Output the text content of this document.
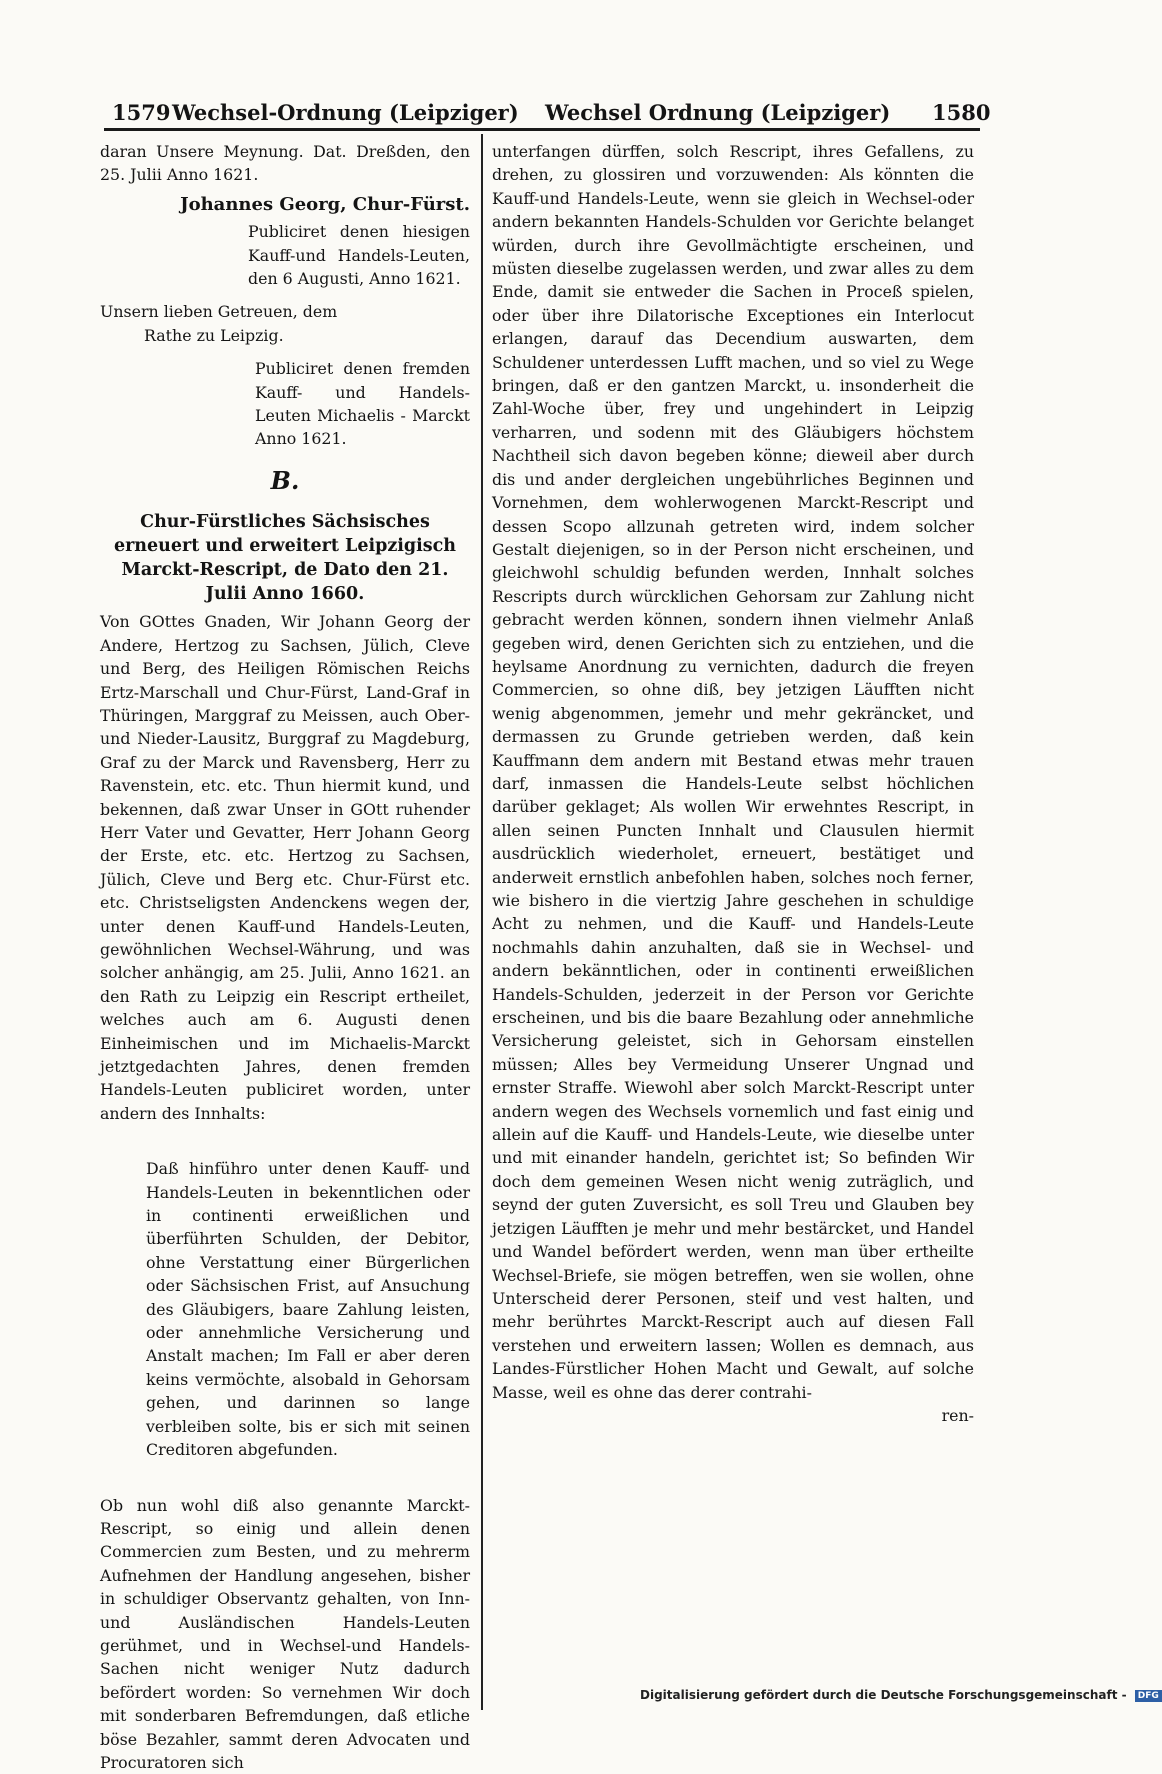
1579 Wechsel-Ordnung (Leipziger) Wechsel Ordnung (Leipziger) 1580

daran Unsere Meynung. Dat. Dreßden, den 25. Julii Anno 1621.

Johannes Georg, Chur-Fürst.

Publiciret denen hiesigen Kauff-und Handels-Leuten, den 6 Augusti, Anno 1621.

Unsern lieben Getreuen, dem
Rathe zu Leipzig.

Publiciret denen fremden Kauff- und Handels-Leuten Michaelis - Marckt Anno 1621.

B.

Chur-Fürstliches Sächsisches erneuert und erweitert Leipzigisch Marckt-Rescript, de Dato den 21. Julii Anno 1660.

Von GOttes Gnaden, Wir Johann Georg der Andere, Hertzog zu Sachsen, Jülich, Cleve und Berg, des Heiligen Römischen Reichs Ertz-Marschall und Chur-Fürst, Land-Graf in Thüringen, Marggraf zu Meissen, auch Ober- und Nieder-Lausitz, Burggraf zu Magdeburg, Graf zu der Marck und Ravensberg, Herr zu Ravenstein, etc. etc. Thun hiermit kund, und bekennen, daß zwar Unser in GOtt ruhender Herr Vater und Gevatter, Herr Johann Georg der Erste, etc. etc. Hertzog zu Sachsen, Jülich, Cleve und Berg etc. Chur-Fürst etc. etc. Christseligsten Andenckens wegen der, unter denen Kauff-und Handels-Leuten, gewöhnlichen Wechsel-Währung, und was solcher anhängig, am 25. Julii, Anno 1621. an den Rath zu Leipzig ein Rescript ertheilet, welches auch am 6. Augusti denen Einheimischen und im Michaelis-Marckt jetztgedachten Jahres, denen fremden Handels-Leuten publiciret worden, unter andern des Innhalts:

Daß hinführo unter denen Kauff- und Handels-Leuten in bekenntlichen oder in continenti erweißlichen und überführten Schulden, der Debitor, ohne Verstattung einer Bürgerlichen oder Sächsischen Frist, auf Ansuchung des Gläubigers, baare Zahlung leisten, oder annehmliche Versicherung und Anstalt machen; Im Fall er aber deren keins vermöchte, alsobald in Gehorsam gehen, und darinnen so lange verbleiben solte, bis er sich mit seinen Creditoren abgefunden.

Ob nun wohl diß also genannte Marckt-Rescript, so einig und allein denen Commercien zum Besten, und zu mehrerm Aufnehmen der Handlung angesehen, bisher in schuldiger Observantz gehalten, von Inn-und Ausländischen Handels-Leuten gerühmet, und in Wechsel-und Handels-Sachen nicht weniger Nutz dadurch befördert worden: So vernehmen Wir doch mit sonderbaren Befremdungen, daß etliche böse Bezahler, sammt deren Advocaten und Procuratoren sich

unterfangen dürffen, solch Rescript, ihres Gefallens, zu drehen, zu glossiren und vorzuwenden: Als könnten die Kauff-und Handels-Leute, wenn sie gleich in Wechsel-oder andern bekannten Handels-Schulden vor Gerichte belanget würden, durch ihre Gevollmächtigte erscheinen, und müsten dieselbe zugelassen werden, und zwar alles zu dem Ende, damit sie entweder die Sachen in Proceß spielen, oder über ihre Dilatorische Exceptiones ein Interlocut erlangen, darauf das Decendium auswarten, dem Schuldener unterdessen Lufft machen, und so viel zu Wege bringen, daß er den gantzen Marckt, u. insonderheit die Zahl-Woche über, frey und ungehindert in Leipzig verharren, und sodenn mit des Gläubigers höchstem Nachtheil sich davon begeben könne; dieweil aber durch dis und ander dergleichen ungebührliches Beginnen und Vornehmen, dem wohlerwogenen Marckt-Rescript und dessen Scopo allzunah getreten wird, indem solcher Gestalt diejenigen, so in der Person nicht erscheinen, und gleichwohl schuldig befunden werden, Innhalt solches Rescripts durch würcklichen Gehorsam zur Zahlung nicht gebracht werden können, sondern ihnen vielmehr Anlaß gegeben wird, denen Gerichten sich zu entziehen, und die heylsame Anordnung zu vernichten, dadurch die freyen Commercien, so ohne diß, bey jetzigen Läufften nicht wenig abgenommen, jemehr und mehr gekräncket, und dermassen zu Grunde getrieben werden, daß kein Kauffmann dem andern mit Bestand etwas mehr trauen darf, inmassen die Handels-Leute selbst höchlichen darüber geklaget; Als wollen Wir erwehntes Rescript, in allen seinen Puncten Innhalt und Clausulen hiermit ausdrücklich wiederholet, erneuert, bestätiget und anderweit ernstlich anbefohlen haben, solches noch ferner, wie bishero in die viertzig Jahre geschehen in schuldige Acht zu nehmen, und die Kauff- und Handels-Leute nochmahls dahin anzuhalten, daß sie in Wechsel- und andern bekänntlichen, oder in continenti erweißlichen Handels-Schulden, jederzeit in der Person vor Gerichte erscheinen, und bis die baare Bezahlung oder annehmliche Versicherung geleistet, sich in Gehorsam einstellen müssen; Alles bey Vermeidung Unserer Ungnad und ernster Straffe. Wiewohl aber solch Marckt-Rescript unter andern wegen des Wechsels vornemlich und fast einig und allein auf die Kauff- und Handels-Leute, wie dieselbe unter und mit einander handeln, gerichtet ist; So befinden Wir doch dem gemeinen Wesen nicht wenig zuträglich, und seynd der guten Zuversicht, es soll Treu und Glauben bey jetzigen Läufften je mehr und mehr bestärcket, und Handel und Wandel befördert werden, wenn man über ertheilte Wechsel-Briefe, sie mögen betreffen, wen sie wollen, ohne Unterscheid derer Personen, steif und vest halten, und mehr berührtes Marckt-Rescript auch auf diesen Fall verstehen und erweitern lassen; Wollen es demnach, aus Landes-Fürstlicher Hohen Macht und Gewalt, auf solche Masse, weil es ohne das derer contrahi-

ren-

Digitalisierung gefördert durch die Deutsche Forschungsgemeinschaft - DFG
